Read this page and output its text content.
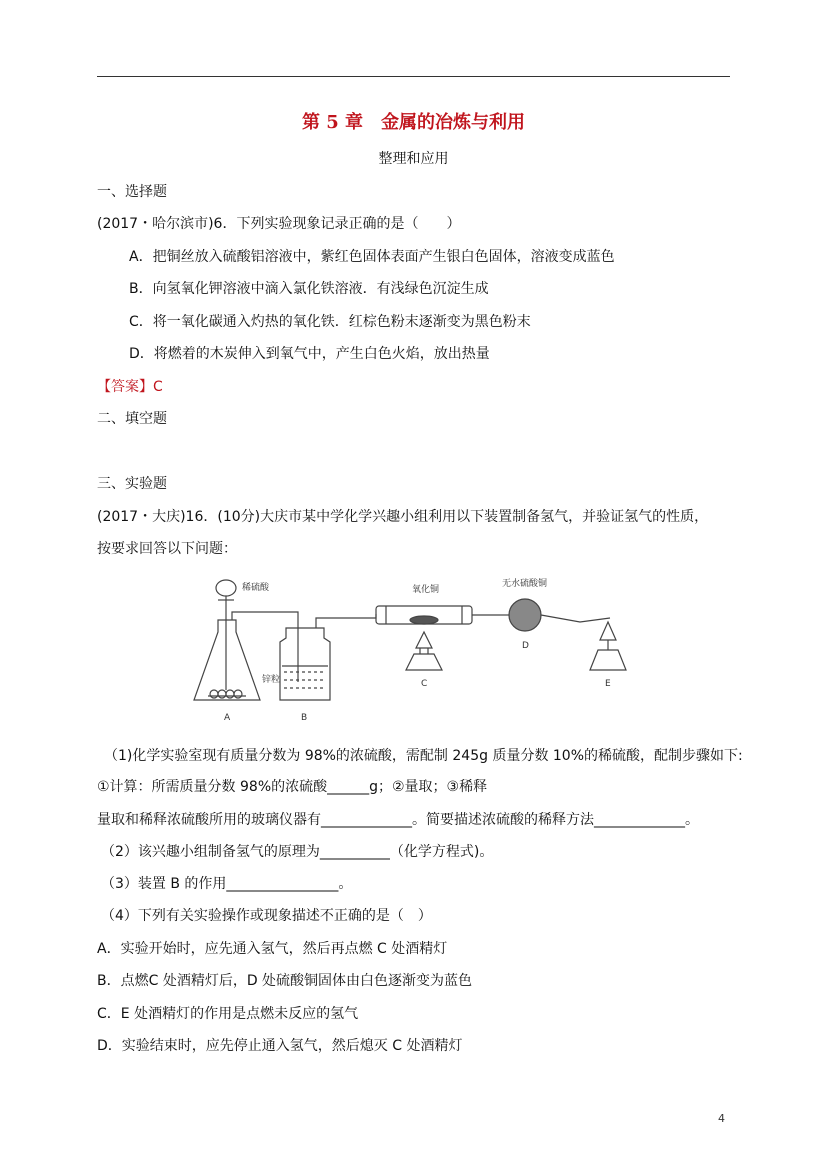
第 5 章　金属的冶炼与利用
整理和应用
一、选择题
(2017・哈尔滨市)6．下列实验现象记录正确的是（　　）
A．把铜丝放入硫酸铝溶液中，紫红色固体表面产生银白色固体，溶液变成蓝色
B．向氢氧化钾溶液中滴入氯化铁溶液．有浅绿色沉淀生成
C．将一氧化碳通入灼热的氧化铁．红棕色粉末逐渐变为黑色粉末
D．将燃着的木炭伸入到氧气中，产生白色火焰，放出热量
【答案】C
二、填空题
三、实验题
(2017・大庆)16．(10分)大庆市某中学化学兴趣小组利用以下装置制备氢气，并验证氢气的性质，
按要求回答以下问题：
稀硫酸
锌粒
氧化铜
无水硫酸铜
A	B
C
D
E
（1)化学实验室现有质量分数为 98%的浓硫酸，需配制 245g 质量分数 10%的稀硫酸，配制步骤如下:
①计算：所需质量分数 98%的浓硫酸______g；②量取；③稀释
量取和稀释浓硫酸所用的玻璃仪器有_____________。简要描述浓硫酸的稀释方法_____________。
（2）该兴趣小组制备氢气的原理为__________（化学方程式)。
（3）装置 B 的作用________________。
（4）下列有关实验操作或现象描述不正确的是（　）
A．实验开始时，应先通入氢气，然后再点燃 C 处酒精灯
B．点燃C 处酒精灯后，D 处硫酸铜固体由白色逐渐变为蓝色
C．E 处酒精灯的作用是点燃未反应的氢气
D．实验结束时，应先停止通入氢气，然后熄灭 C 处酒精灯
4
